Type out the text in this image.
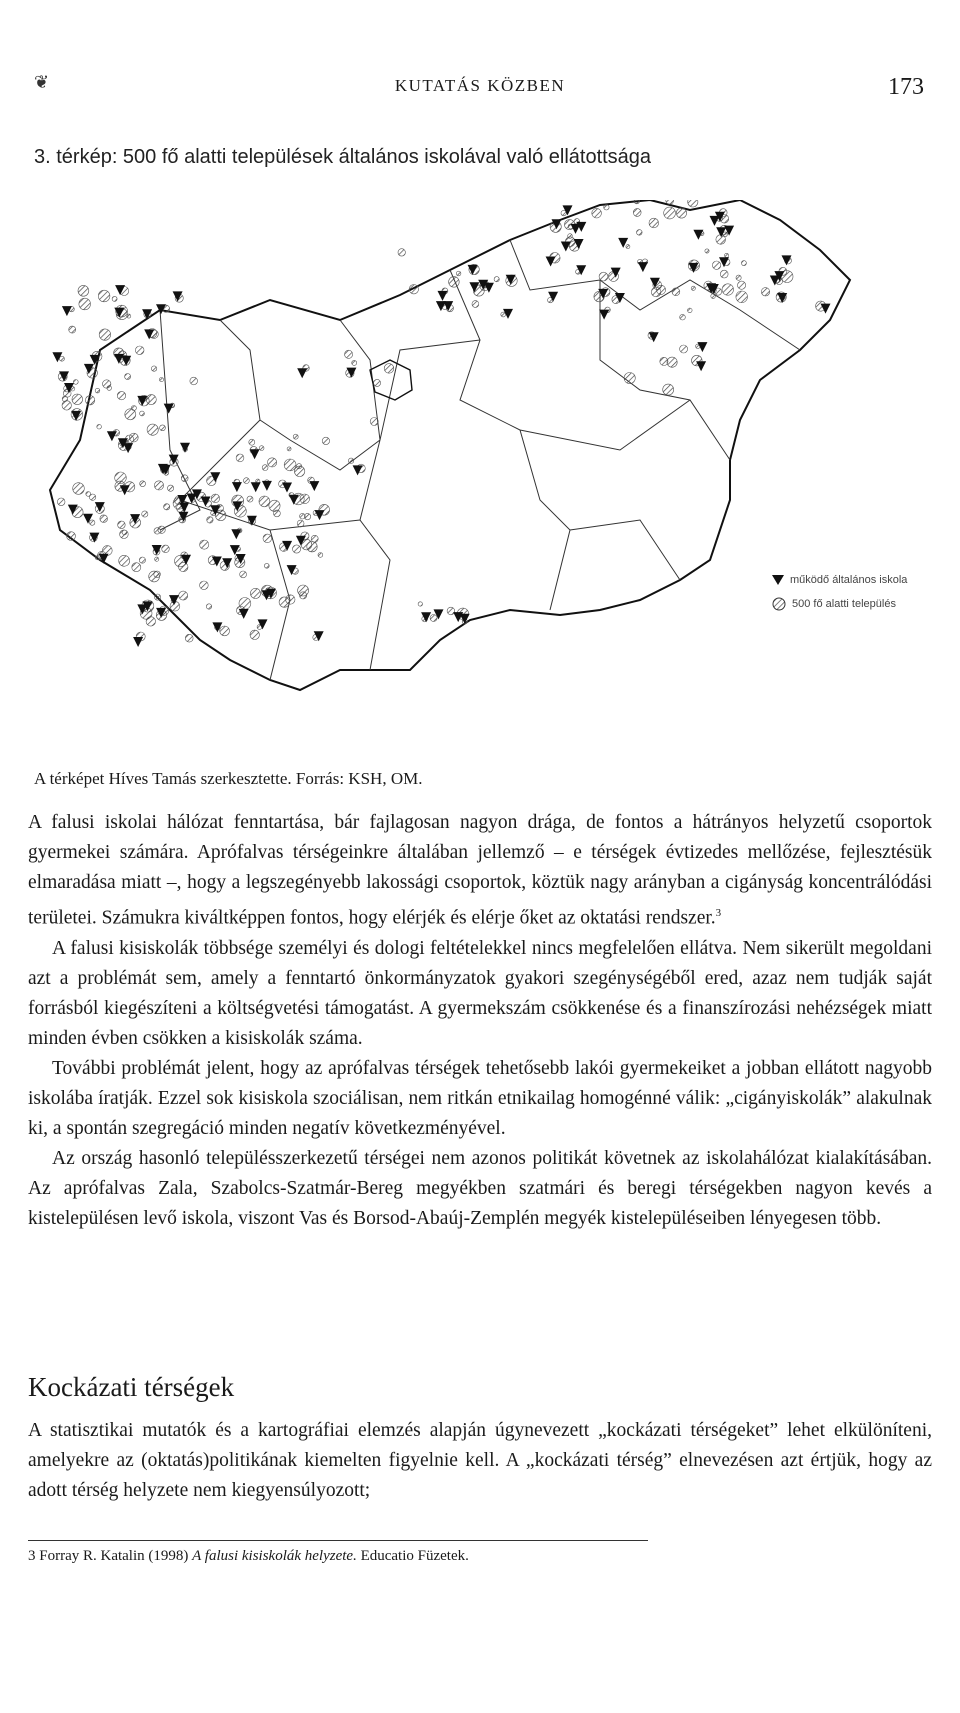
❦	KUTATÁS KÖZBEN	173
3. térkép: 500 fő alatti települések általános iskolával való ellátottsága
működő általános iskola
500 fő alatti település
A térképet Híves Tamás szerkesztette. Forrás: KSH, OM.

A falusi iskolai hálózat fenntartása, bár fajlagosan nagyon drága, de fontos a hátrányos helyzetű csoportok gyermekei számára. Aprófalvas térségeinkre általában jellemző – e térségek évtizedes mellőzése, fejlesztésük elmaradása miatt –, hogy a legszegényebb lakossági csoportok, köztük nagy arányban a cigányság koncentrálódási területei. Számukra kiváltképpen fontos, hogy elérjék és elérje őket az oktatási rendszer.$^3$

A falusi kisiskolák többsége személyi és dologi feltételekkel nincs megfelelően ellátva. Nem sikerült megoldani azt a problémát sem, amely a fenntartó önkormányzatok gyakori szegénységéből ered, azaz nem tudják saját forrásból kiegészíteni a költségvetési támogatást. A gyermekszám csökkenése és a finanszírozási nehézségek miatt minden évben csökken a kisiskolák száma.

További problémát jelent, hogy az aprófalvas térségek tehetősebb lakói gyermekeiket a jobban ellátott nagyobb iskolába íratják. Ezzel sok kisiskola szociálisan, nem ritkán etnikailag homogénné válik: „cigányiskolák” alakulnak ki, a spontán szegregáció minden negatív következményével.

Az ország hasonló településszerkezetű térségei nem azonos politikát követnek az iskolahálózat kialakításában. Az aprófalvas Zala, Szabolcs-Szatmár-Bereg megyékben szatmári és beregi térségekben nagyon kevés a kistelepülésen levő iskola, viszont Vas és Borsod-Abaúj-Zemplén megyék kistelepüléseiben lényegesen több.

Kockázati térségek

A statisztikai mutatók és a kartográfiai elemzés alapján úgynevezett „kockázati térségeket” lehet elkülöníteni, amelyekre az (oktatás)politikának kiemelten figyelnie kell. A „kockázati térség” elnevezésen azt értjük, hogy az adott térség helyzete nem kiegyensúlyozott;

3 Forray R. Katalin (1998) A falusi kisiskolák helyzete. Educatio Füzetek.
